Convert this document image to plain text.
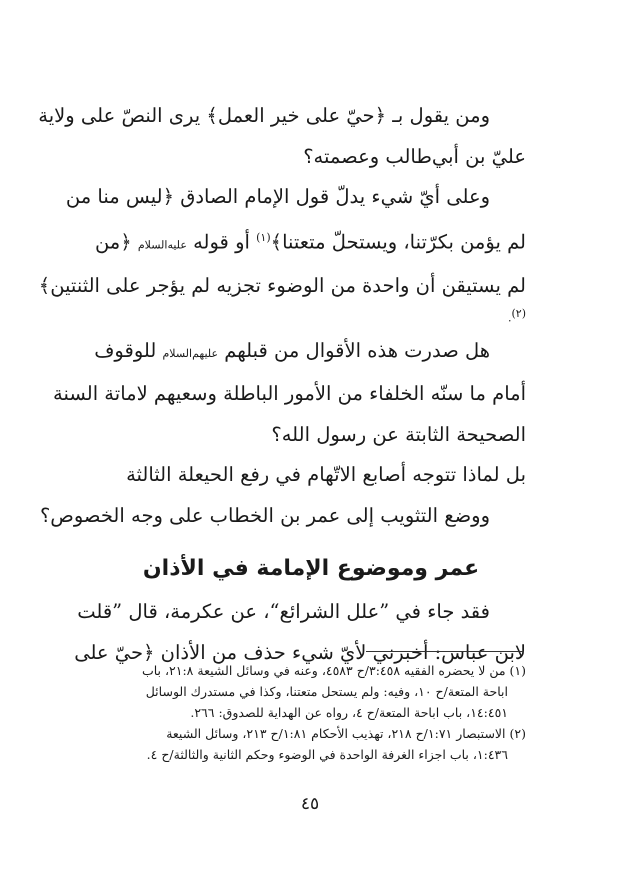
ومن يقول بـ ﴿حيّ على خير العمل﴾ يرى النصّ على ولاية
عليّ بن أبي‌طالب وعصمته؟

وعلى أيّ شيء يدلّ قول الإمام الصادق ﴿ليس منا من
لم يؤمن بكرّتنا، ويستحلّ متعتنا﴾$^{(١)}$ أو قوله عليه‌السلام ﴿من
لم يستيقن أن واحدة من الوضوء تجزيه لم يؤجر على الثنتين﴾
$^{(٢)}$.

هل صدرت هذه الأقوال من قبلهم عليهم‌السلام للوقوف
أمام ما سنّه الخلفاء من الأمور الباطلة وسعيهم لاماتة السنة
الصحيحة الثابتة عن رسول الله؟

بل لماذا تتوجه أصابع الاتّهام في رفع الحيعلة الثالثة
ووضع التثويب إلى عمر بن الخطاب على وجه الخصوص؟

عمر وموضوع الإمامة في الأذان

فقد جاء في ”علل الشرائع“، عن عكرمة، قال ”قلت
لابن عباس: أخبرني لأيّ شيء حذف من الأذان ﴿حيّ على

(١) من لا يحضره الفقيه ٣:٤٥٨/ح ٤٥٨٣، وعنه في وسائل الشيعة ٢١:٨، باب
اباحة المتعة/ح ١٠، وفيه: ولم يستحل متعتنا، وكذا في مستدرك الوسائل
١٤:٤٥١، باب اباحة المتعة/ح ٤، رواه عن الهداية للصدوق: ٢٦٦.

(٢) الاستبصار ١:٧١/ح ٢١٨، تهذيب الأحكام ١:٨١/ح ٢١٣، وسائل الشيعة
١:٤٣٦، باب اجزاء الغرفة الواحدة في الوضوء وحكم الثانية والثالثة/ح ٤.

٤٥
